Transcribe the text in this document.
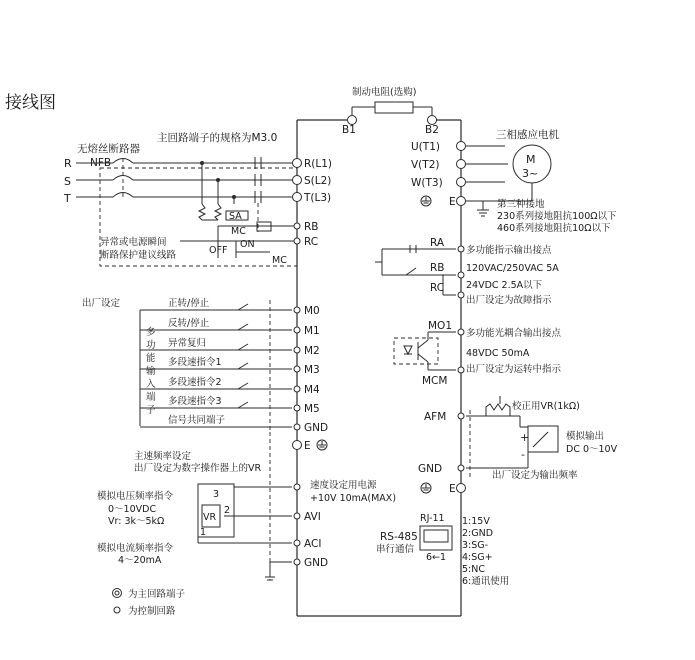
接线图
制动电阻(选购)
B1	B2
无熔丝断路器
NFB
主回路端子的规格为M3.0
R
S
T
异常或电源瞬间
断路保护建议线路
SA
MC
OFF
ON
MC
R(L1)
S(L2)
T(L3)
RB
RC
出厂设定	正转/停止
反转/停止
异常复归
多段速指令1
多段速指令2
多段速指令3
信号共同端子
多
功
能
输
入
端
子
M0
M1
M2
M3
M4
M5
GND
E
主速频率设定
出厂设定为数字操作器上的VR
速度设定用电源
+10V 10mA(MAX)
模拟电压频率指令
0～10VDC
Vr: 3k～5kΩ
模拟电流频率指令
4～20mA
VR
3
2
1
AVI
ACI
GND
U(T1)
V(T2)
W(T3)
E
三相感应电机
M
3~
第三种接地
230系列接地阻抗100Ω以下
460系列接地阻抗10Ω以下
RA
RB
RC
多功能指示输出接点
120VAC/250VAC 5A
24VDC 2.5A以下
出厂设定为故障指示
MO1
MCM
多功能光耦合输出接点
48VDC 50mA
出厂设定为运转中指示
AFM
GND
E
校正用VR(1kΩ)
+
-
模拟输出
DC 0～10V
出厂设定为输出频率
RJ-11
RS-485
串行通信
6←1
1:15V
2:GND
3:SG-
4:SG+
5:NC
6:通讯使用
为主回路端子
为控制回路
